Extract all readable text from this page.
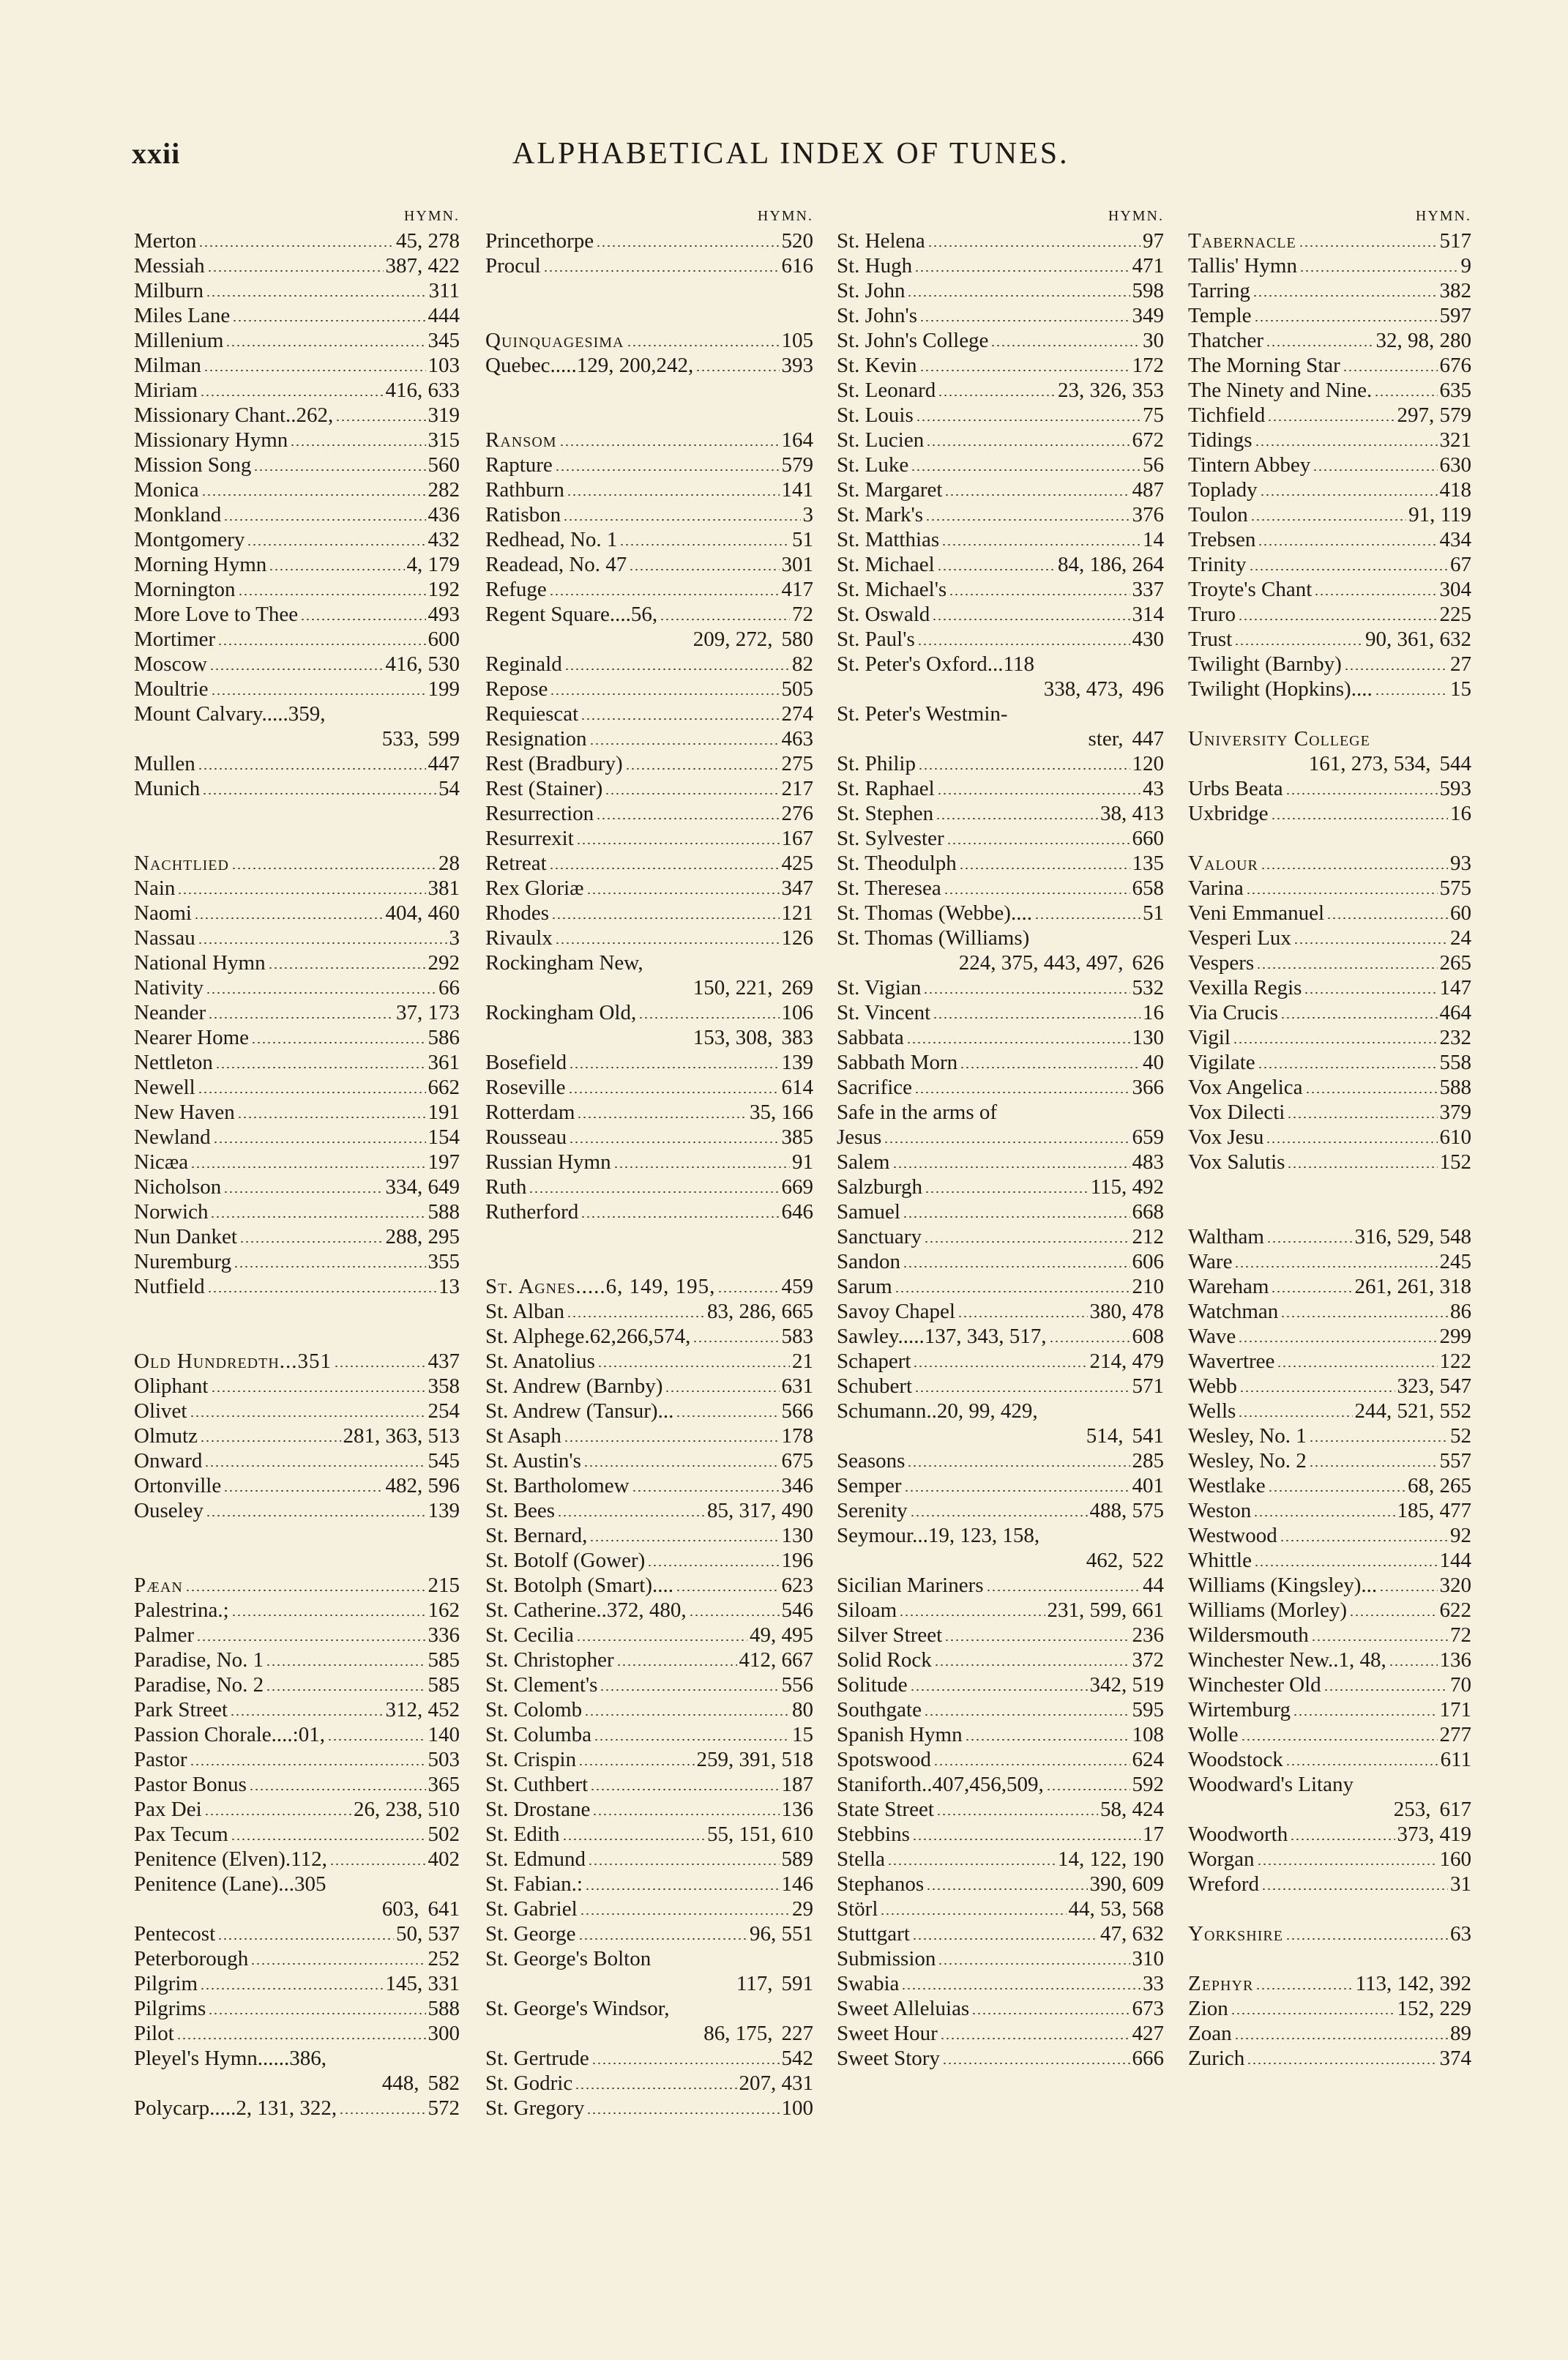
xxii	ALPHABETICAL INDEX OF TUNES.
HYMN.
Merton	45, 278
Messiah	387, 422
Milburn	311
Miles Lane	444
Millenium	345
Milman	103
Miriam	416, 633
Missionary Chant..262,	319
Missionary Hymn	315
Mission Song	560
Monica	282
Monkland	436
Montgomery	432
Morning Hymn	4, 179
Mornington	192
More Love to Thee	493
Mortimer	600
Moscow	416, 530
Moultrie	199
Mount Calvary.....359,
533, 599
Mullen	447
Munich	54
Nachtlied	28
Nain	381
Naomi	404, 460
Nassau	3
National Hymn	292
Nativity	66
Neander	37, 173
Nearer Home	586
Nettleton	361
Newell	662
New Haven	191
Newland	154
Nicæa	197
Nicholson	334, 649
Norwich	588
Nun Danket	288, 295
Nuremburg	355
Nutfield	13
Old Hundredth...351	437
Oliphant	358
Olivet	254
Olmutz	281, 363, 513
Onward	545
Ortonville	482, 596
Ouseley	139
Pæan	215
Palestrina.;	162
Palmer	336
Paradise, No. 1	585
Paradise, No. 2	585
Park Street	312, 452
Passion Chorale....:01,	140
Pastor	503
Pastor Bonus	365
Pax Dei	26, 238, 510
Pax Tecum	502
Penitence (Elven).112,	402
Penitence (Lane)...305
603, 641
Pentecost	50, 537
Peterborough	252
Pilgrim	145, 331
Pilgrims	588
Pilot	300
Pleyel's Hymn......386,
448, 582
Polycarp.....2, 131, 322,	572
HYMN.
Princethorpe	520
Procul	616
Quinquagesima	105
Quebec.....129, 200,242,	393
Ransom	164
Rapture	579
Rathburn	141
Ratisbon	3
Redhead, No. 1	51
Readead, No. 47	301
Refuge	417
Regent Square....56,	72
209, 272, 580
Reginald	82
Repose	505
Requiescat	274
Resignation	463
Rest (Bradbury)	275
Rest (Stainer)	217
Resurrection	276
Resurrexit	167
Retreat	425
Rex Gloriæ	347
Rhodes	121
Rivaulx	126
Rockingham New,
150, 221, 269
Rockingham Old,	106
153, 308, 383
Bosefield	139
Roseville	614
Rotterdam	35, 166
Rousseau	385
Russian Hymn	91
Ruth	669
Rutherford	646
St. Agnes.....6, 149, 195,	459
St. Alban	83, 286, 665
St. Alphege.62,266,574,	583
St. Anatolius	21
St. Andrew (Barnby)	631
St. Andrew (Tansur)...	566
St Asaph	178
St. Austin's	675
St. Bartholomew	346
St. Bees	85, 317, 490
St. Bernard,	130
St. Botolf (Gower)	196
St. Botolph (Smart)....	623
St. Catherine..372, 480,	546
St. Cecilia	49, 495
St. Christopher	412, 667
St. Clement's	556
St. Colomb	80
St. Columba	15
St. Crispin	259, 391, 518
St. Cuthbert	187
St. Drostane	136
St. Edith	55, 151, 610
St. Edmund	589
St. Fabian.:	146
St. Gabriel	29
St. George	96, 551
St. George's Bolton
117, 591
St. George's Windsor,
86, 175, 227
St. Gertrude	542
St. Godric	207, 431
St. Gregory	100
HYMN.
St. Helena	97
St. Hugh	471
St. John	598
St. John's	349
St. John's College	30
St. Kevin	172
St. Leonard	23, 326, 353
St. Louis	75
St. Lucien	672
St. Luke	56
St. Margaret	487
St. Mark's	376
St. Matthias	14
St. Michael	84, 186, 264
St. Michael's	337
St. Oswald	314
St. Paul's	430
St. Peter's Oxford...118
338, 473, 496
St. Peter's Westmin-
ster, 447
St. Philip	120
St. Raphael	43
St. Stephen	38, 413
St. Sylvester	660
St. Theodulph	135
St. Theresea	658
St. Thomas (Webbe)....	51
St. Thomas (Williams)
224, 375, 443, 497, 626
St. Vigian	532
St. Vincent	16
Sabbata	130
Sabbath Morn	40
Sacrifice	366
Safe in the arms of
Jesus	659
Salem	483
Salzburgh	115, 492
Samuel	668
Sanctuary	212
Sandon	606
Sarum	210
Savoy Chapel	380, 478
Sawley.....137, 343, 517,	608
Schapert	214, 479
Schubert	571
Schumann..20, 99, 429,
514, 541
Seasons	285
Semper	401
Serenity	488, 575
Seymour...19, 123, 158,
462, 522
Sicilian Mariners	44
Siloam	231, 599, 661
Silver Street	236
Solid Rock	372
Solitude	342, 519
Southgate	595
Spanish Hymn	108
Spotswood	624
Staniforth..407,456,509,	592
State Street	58, 424
Stebbins	17
Stella	14, 122, 190
Stephanos	390, 609
Störl	44, 53, 568
Stuttgart	47, 632
Submission	310
Swabia	33
Sweet Alleluias	673
Sweet Hour	427
Sweet Story	666
HYMN.
Tabernacle	517
Tallis' Hymn	9
Tarring	382
Temple	597
Thatcher	32, 98, 280
The Morning Star	676
The Ninety and Nine.	635
Tichfield	297, 579
Tidings	321
Tintern Abbey	630
Toplady	418
Toulon	91, 119
Trebsen	434
Trinity	67
Troyte's Chant	304
Truro	225
Trust	90, 361, 632
Twilight (Barnby)	27
Twilight (Hopkins)....	15
University College
161, 273, 534, 544
Urbs Beata	593
Uxbridge	16
Valour	93
Varina	575
Veni Emmanuel	60
Vesperi Lux	24
Vespers	265
Vexilla Regis	147
Via Crucis	464
Vigil	232
Vigilate	558
Vox Angelica	588
Vox Dilecti	379
Vox Jesu	610
Vox Salutis	152
Waltham	316, 529, 548
Ware	245
Wareham	261, 261, 318
Watchman	86
Wave	299
Wavertree	122
Webb	323, 547
Wells	244, 521, 552
Wesley, No. 1	52
Wesley, No. 2	557
Westlake	68, 265
Weston	185, 477
Westwood	92
Whittle	144
Williams (Kingsley)...	320
Williams (Morley)	622
Wildersmouth	72
Winchester New..1, 48,	136
Winchester Old	70
Wirtemburg	171
Wolle	277
Woodstock	611
Woodward's Litany
253, 617
Woodworth	373, 419
Worgan	160
Wreford	31
Yorkshire	63
Zephyr	113, 142, 392
Zion	152, 229
Zoan	89
Zurich	374
